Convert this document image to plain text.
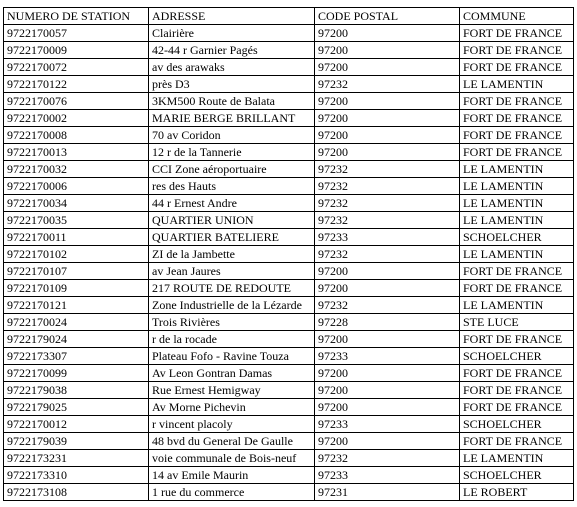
NUMERO DE STATION	ADRESSE	CODE POSTAL	COMMUNE
9722170057	Clairière	97200	FORT DE FRANCE
9722170009	42-44 r Garnier Pagés	97200	FORT DE FRANCE
9722170072	av des arawaks	97200	FORT DE FRANCE
9722170122	près D3	97232	LE LAMENTIN
9722170076	3KM500 Route de Balata	97200	FORT DE FRANCE
9722170002	MARIE BERGE BRILLANT	97200	FORT DE FRANCE
9722170008	70 av Coridon	97200	FORT DE FRANCE
9722170013	12 r de la Tannerie	97200	FORT DE FRANCE
9722170032	CCI Zone aéroportuaire	97232	LE LAMENTIN
9722170006	res des Hauts	97232	LE LAMENTIN
9722170034	44 r Ernest Andre	97232	LE LAMENTIN
9722170035	QUARTIER UNION	97232	LE LAMENTIN
9722170011	QUARTIER BATELIERE	97233	SCHOELCHER
9722170102	ZI de la Jambette	97232	LE LAMENTIN
9722170107	av Jean Jaures	97200	FORT DE FRANCE
9722170109	217 ROUTE DE REDOUTE	97200	FORT DE FRANCE
9722170121	Zone Industrielle de la Lézarde	97232	LE LAMENTIN
9722170024	Trois Rivières	97228	STE LUCE
9722179024	r de la rocade	97200	FORT DE FRANCE
9722173307	Plateau Fofo - Ravine Touza	97233	SCHOELCHER
9722170099	Av Leon Gontran Damas	97200	FORT DE FRANCE
9722179038	Rue Ernest Hemigway	97200	FORT DE FRANCE
9722179025	Av Morne Pichevin	97200	FORT DE FRANCE
9722170012	r vincent placoly	97233	SCHOELCHER
9722179039	48 bvd du General De Gaulle	97200	FORT DE FRANCE
9722173231	voie communale de Bois-neuf	97232	LE LAMENTIN
9722173310	14 av Emile Maurin	97233	SCHOELCHER
9722173108	1 rue du commerce	97231	LE ROBERT
